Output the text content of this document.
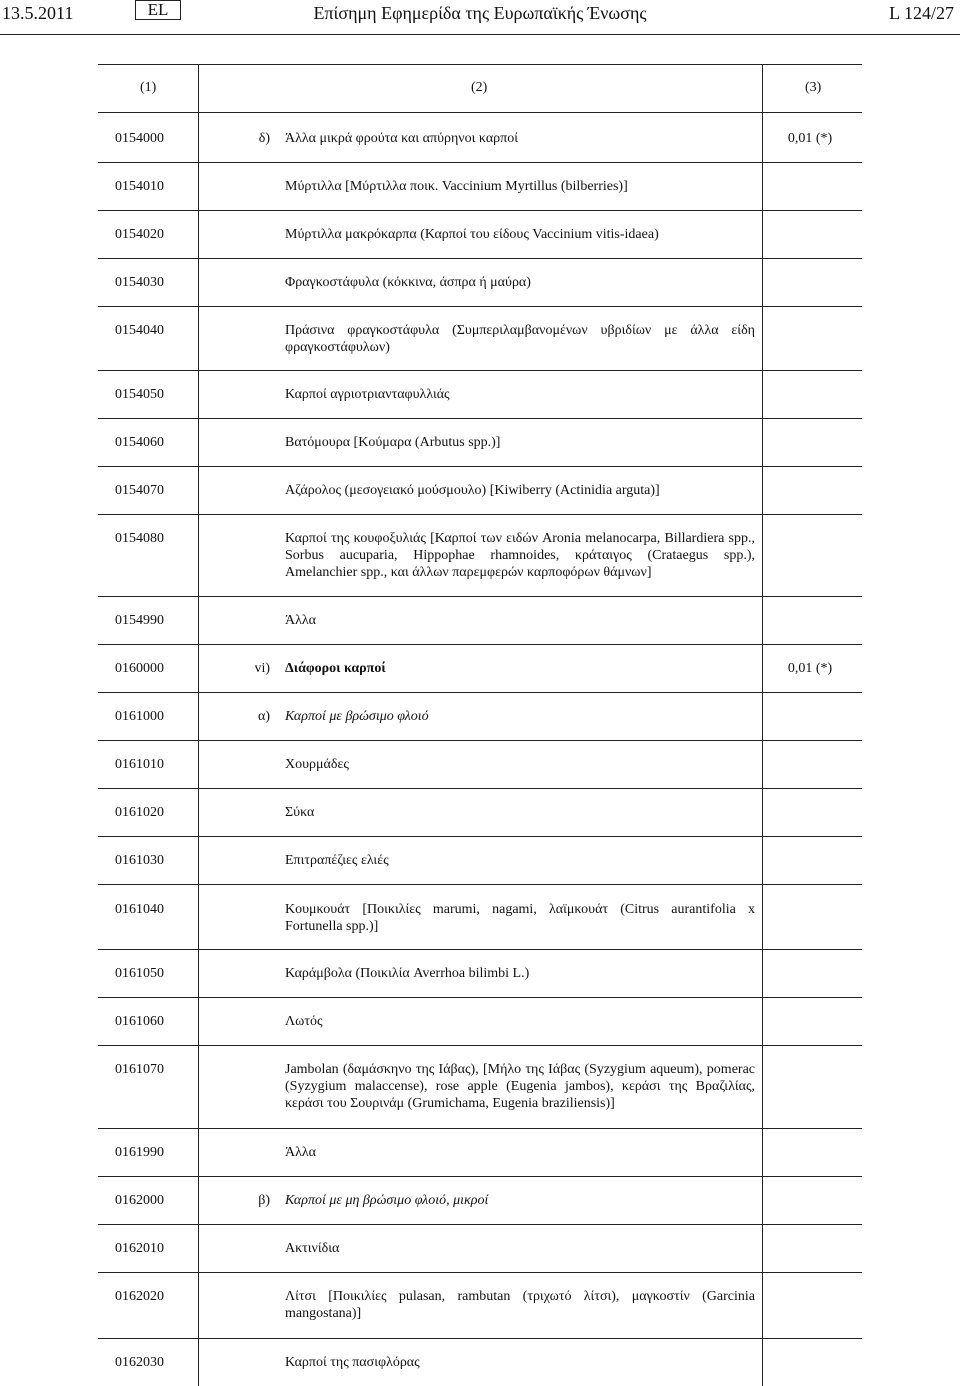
13.5.2011	EL	Επίσημη Εφημερίδα της Ευρωπαϊκής Ένωσης	L 124/27
(1)	(2)	(3)
0154000	δ) Άλλα μικρά φρούτα και απύρηνοι καρποί	0,01 (*)
0154010	Μύρτιλλα [Μύρτιλλα ποικ. Vaccinium Myrtillus (bilberries)]
0154020	Μύρτιλλα μακρόκαρπα (Καρποί του είδους Vaccinium vitis-idaea)
0154030	Φραγκοστάφυλα (κόκκινα, άσπρα ή μαύρα)
0154040	Πράσινα φραγκοστάφυλα (Συμπεριλαμβανομένων υβριδίων με άλλα είδη φραγκοστάφυλων)
0154050	Καρποί αγριοτριανταφυλλιάς
0154060	Βατόμουρα [Κούμαρα (Arbutus spp.)]
0154070	Αζάρολος (μεσογειακό μούσμουλο) [Kiwiberry (Actinidia arguta)]
0154080	Καρποί της κουφοξυλιάς [Καρποί των ειδών Aronia melanocarpa, Billardiera spp., Sorbus aucuparia, Hippophae rhamnoides, κράταιγος (Crataegus spp.), Amelanchier spp., και άλλων παρεμφερών καρποφόρων θάμνων]
0154990	Άλλα
0160000	vi) Διάφοροι καρποί	0,01 (*)
0161000	α) Καρποί με βρώσιμο φλοιό
0161010	Χουρμάδες
0161020	Σύκα
0161030	Επιτραπέζιες ελιές
0161040	Κουμκουάτ [Ποικιλίες marumi, nagami, λαϊμκουάτ (Citrus aurantifolia x Fortunella spp.)]
0161050	Καράμβολα (Ποικιλία Averrhoa bilimbi L.)
0161060	Λωτός
0161070	Jambolan (δαμάσκηνο της Ιάβας), [Μήλο της Ιάβας (Syzygium aqueum), pomerac (Syzygium malaccense), rose apple (Eugenia jambos), κεράσι της Βραζιλίας, κεράσι του Σουρινάμ (Grumichama, Eugenia braziliensis)]
0161990	Άλλα
0162000	β) Καρποί με μη βρώσιμο φλοιό, μικροί
0162010	Ακτινίδια
0162020	Λίτσι [Ποικιλίες pulasan, rambutan (τριχωτό λίτσι), μαγκοστίν (Garcinia mangostana)]
0162030	Καρποί της πασιφλόρας
